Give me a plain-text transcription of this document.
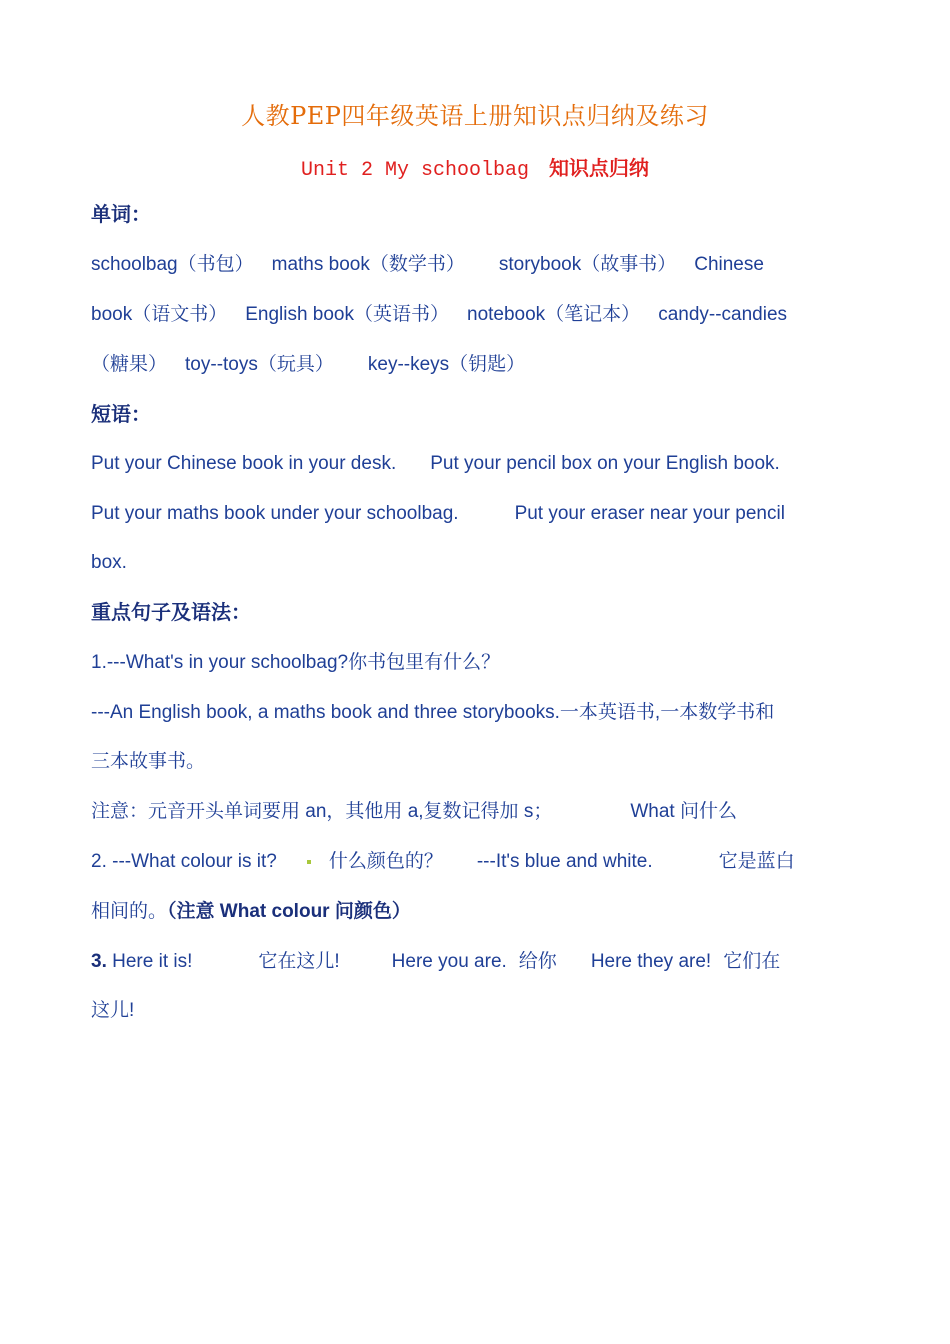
人教PEP四年级英语上册知识点归纳及练习
Unit 2 My schoolbag 知识点归纳
单词：
schoolbag（书包） maths book（数学书） storybook（故事书） Chinese
book（语文书） English book（英语书） notebook（笔记本） candy--candies
（糖果） toy--toys（玩具） key--keys（钥匙）
短语：
Put your Chinese book in your desk. Put your pencil box on your English book.
Put your maths book under your schoolbag.	Put your eraser near your pencil
box.
重点句子及语法：
1.---What's in your schoolbag?你书包里有什么？
---An English book, a maths book and three storybooks.一本英语书,一本数学书和
三本故事书。
注意：元音开头单词要用 an，其他用 a,复数记得加 s；	What 问什么
2. ---What colour is it?	什么颜色的？ ---It's blue and white.	它是蓝白
相间的。（注意 What colour 问颜色）
3. Here it is!	它在这儿!	Here you are. 给你 Here they are! 它们在
这儿!
